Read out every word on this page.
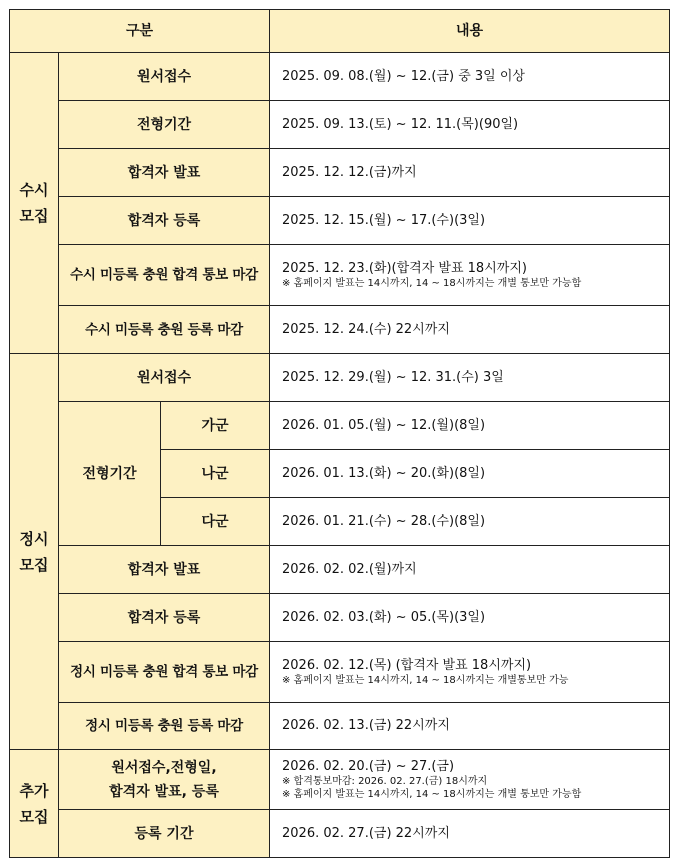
구분			내용
수시
모집	원서접수		2025. 09. 08.(월) ~ 12.(금) 중 3일 이상
	전형기간		2025. 09. 13.(토) ~ 12. 11.(목)(90일)
	합격자 발표		2025. 12. 12.(금)까지
	합격자 등록		2025. 12. 15.(월) ~ 17.(수)(3일)
	수시 미등록 충원 합격 통보 마감		2025. 12. 23.(화)(합격자 발표 18시까지)
※ 홈페이지 발표는 14시까지, 14 ~ 18시까지는 개별 통보만 가능함

	수시 미등록 충원 등록 마감		2025. 12. 24.(수) 22시까지
정시
모집	원서접수		2025. 12. 29.(월) ~ 12. 31.(수) 3일
	전형기간	가군	2026. 01. 05.(월) ~ 12.(월)(8일)
		나군	2026. 01. 13.(화) ~ 20.(화)(8일)
		다군	2026. 01. 21.(수) ~ 28.(수)(8일)
	합격자 발표		2026. 02. 02.(월)까지
	합격자 등록		2026. 02. 03.(화) ~ 05.(목)(3일)
	정시 미등록 충원 합격 통보 마감		2026. 02. 12.(목) (합격자 발표 18시까지)
※ 홈페이지 발표는 14시까지, 14 ~ 18시까지는 개별통보만 가능

	정시 미등록 충원 등록 마감		2026. 02. 13.(금) 22시까지
추가
모집	원서접수,전형일,
합격자 발표, 등록		2026. 02. 20.(금) ~ 27.(금)
※ 합격통보마감: 2026. 02. 27.(금) 18시까지
※ 홈페이지 발표는 14시까지, 14 ~ 18시까지는 개별 통보만 가능함

	등록 기간		2026. 02. 27.(금) 22시까지
